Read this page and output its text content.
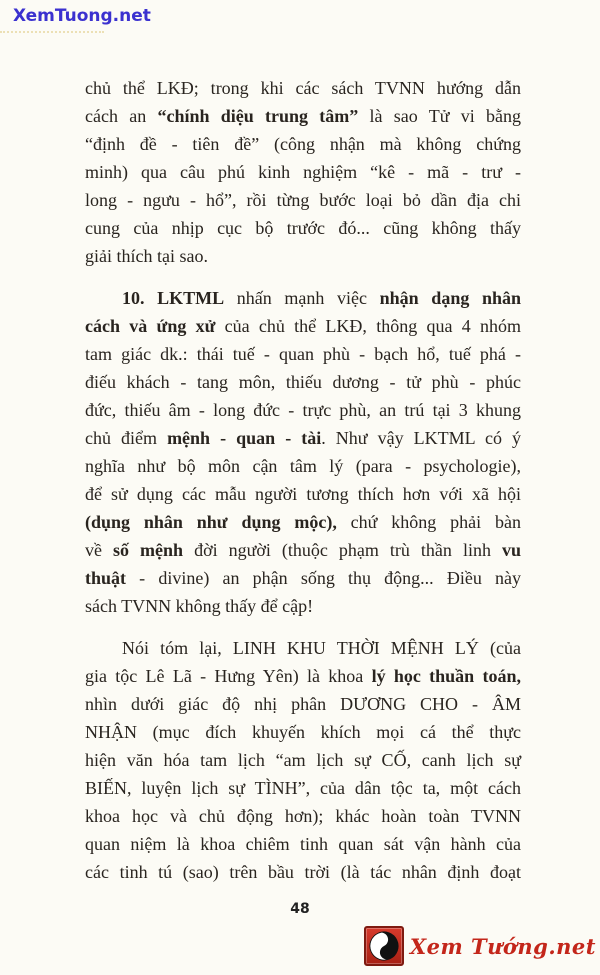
XemTuong.net
chủ thể LKĐ; trong khi các sách TVNN hướng dẫn
cách an “chính diệu trung tâm” là sao Tử vi bằng
“định đề - tiên đề” (công nhận mà không chứng
minh) qua câu phú kinh nghiệm “kê - mã - trư -
long - ngưu - hổ”, rồi từng bước loại bỏ dần địa chi
cung của nhịp cục bộ trước đó... cũng không thấy
giải thích tại sao.
10. LKTML nhấn mạnh việc nhận dạng nhân
cách và ứng xử của chủ thể LKĐ, thông qua 4 nhóm
tam giác dk.: thái tuế - quan phù - bạch hổ, tuế phá -
điếu khách - tang môn, thiếu dương - tử phù - phúc
đức, thiếu âm - long đức - trực phù, an trú tại 3 khung
chủ điểm mệnh - quan - tài. Như vậy LKTML có ý
nghĩa như bộ môn cận tâm lý (para - psychologie),
để sử dụng các mẫu người tương thích hơn với xã hội
(dụng nhân như dụng mộc), chứ không phải bàn
về số mệnh đời người (thuộc phạm trù thần linh vu
thuật - divine) an phận sống thụ động... Điều này
sách TVNN không thấy để cập!
Nói tóm lại, LINH KHU THỜI MỆNH LÝ (của
gia tộc Lê Lã - Hưng Yên) là khoa lý học thuần toán,
nhìn dưới giác độ nhị phân DƯƠNG CHO - ÂM
NHẬN (mục đích khuyến khích mọi cá thể thực
hiện văn hóa tam lịch “am lịch sự CỐ, canh lịch sự
BIẾN, luyện lịch sự TÌNH”, của dân tộc ta, một cách
khoa học và chủ động hơn); khác hoàn toàn TVNN
quan niệm là khoa chiêm tinh quan sát vận hành của
các tinh tú (sao) trên bầu trời (là tác nhân định đoạt
48
Xem Tướng.net
